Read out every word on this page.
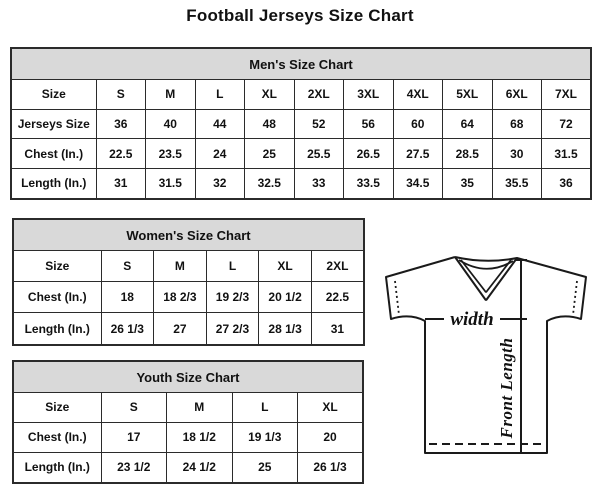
Football Jerseys Size Chart
Men's Size Chart										
Size	S	M	L	XL	2XL	3XL	4XL	5XL	6XL	7XL
Jerseys Size	36	40	44	48	52	56	60	64	68	72
Chest (In.)	22.5	23.5	24	25	25.5	26.5	27.5	28.5	30	31.5
Length (In.)	31	31.5	32	32.5	33	33.5	34.5	35	35.5	36
Women's Size Chart					
Size	S	M	L	XL	2XL
Chest (In.)	18	18 2/3	19 2/3	20 1/2	22.5
Length (In.)	26 1/3	27	27 2/3	28 1/3	31
Youth Size Chart				
Size	S	M	L	XL
Chest (In.)	17	18 1/2	19 1/3	20
Length (In.)	23 1/2	24 1/2	25	26 1/3
width
Front Length
